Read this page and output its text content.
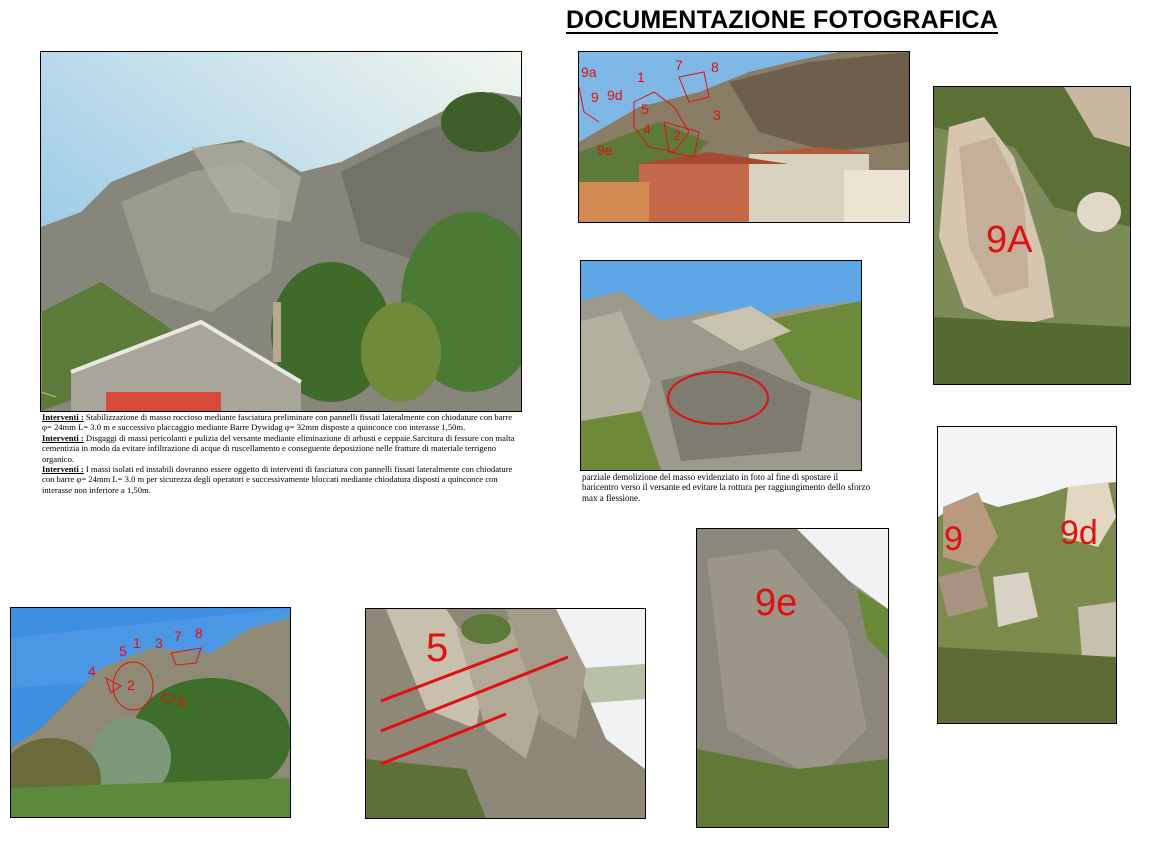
DOCUMENTAZIONE FOTOGRAFICA

Interventi : Stabilizzazione di masso roccioso mediante fasciatura preliminare con pannelli fissati lateralmente con chiodature con barre φ= 24mm L= 3.0 m e successivo placcaggio mediante Barre Dywidag φ= 32mm disposte a quinconce con interasse 1,50m.

Interventi : Disgaggi di massi pericolanti e pulizia del versante mediante eliminazione di arbusti e ceppaie.Sarcitura di fessure con malta cementizia in modo da evitare infiltrazione di acque di ruscellamento e conseguente deposizione nelle fratture di materiale terrigeno organico.

Interventi : I massi isolati ed instabili dovranno essere oggetto di interventi di fasciatura con pannelli fissati lateralmente con chiodature con barre φ= 24mm L= 3.0 m per sicurezza degli operatori e successivamente bloccati mediante chiodatura disposti a quinconce con interasse non inferiore a 1,50m.

9a
9 9d
1
5
4 2
7 8
3
9e
parziale demolizione del masso evidenziato in foto al fine di spostare il baricentro verso il versante ed evitare la rottura per raggiungimento dello sforzo max a flessione.
9A
9	9d
5 1 3 7 8
4
2
6
5
9e
